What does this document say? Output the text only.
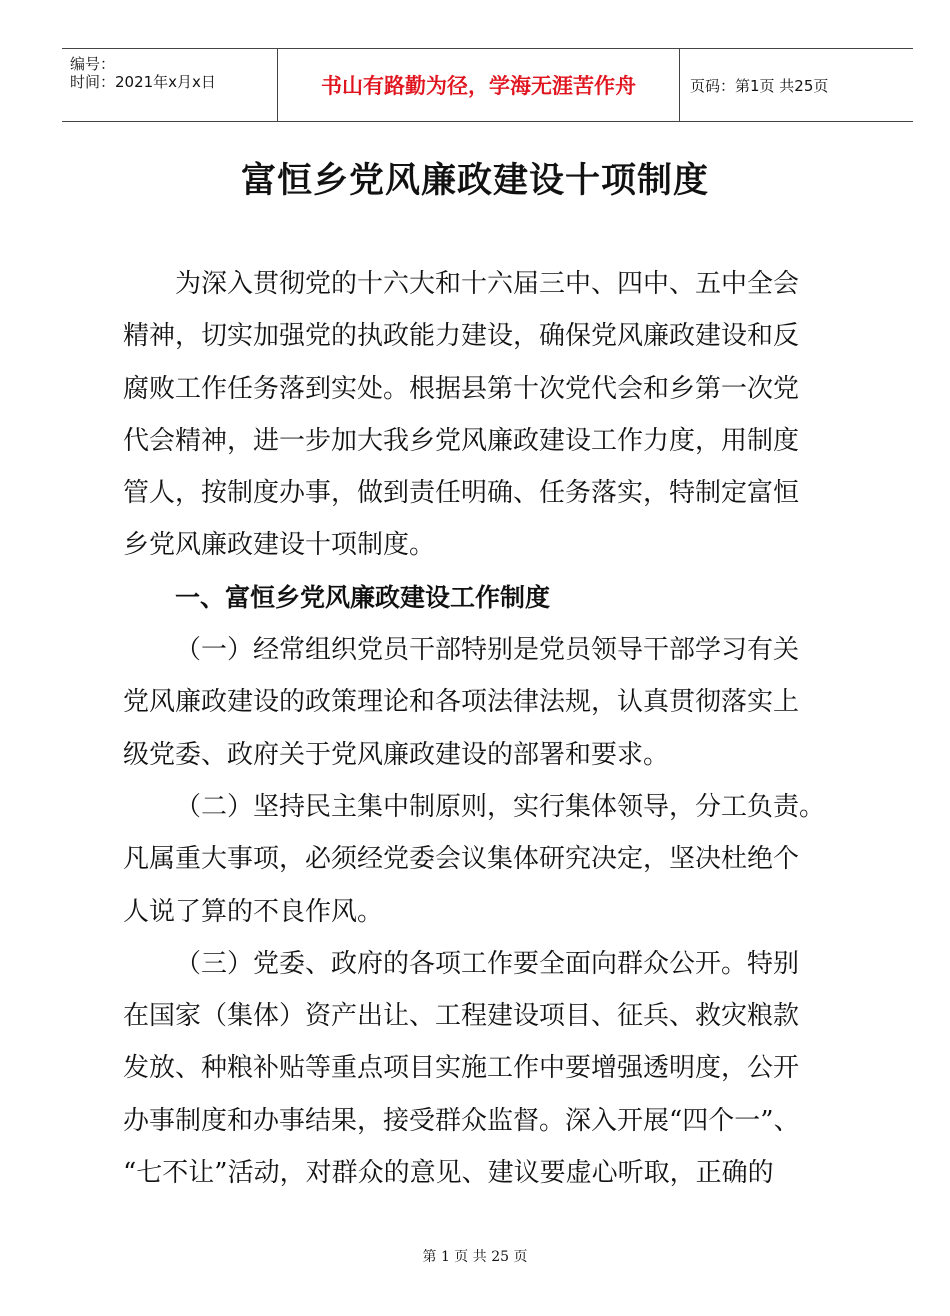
编号：
时间：2021年x月x日	书山有路勤为径，学海无涯苦作舟	页码：第1页 共25页
富恒乡党风廉政建设十项制度
为深入贯彻党的十六大和十六届三中、四中、五中全会
精神，切实加强党的执政能力建设，确保党风廉政建设和反
腐败工作任务落到实处。根据县第十次党代会和乡第一次党
代会精神，进一步加大我乡党风廉政建设工作力度，用制度
管人，按制度办事，做到责任明确、任务落实，特制定富恒
乡党风廉政建设十项制度。
一、富恒乡党风廉政建设工作制度
（一）经常组织党员干部特别是党员领导干部学习有关
党风廉政建设的政策理论和各项法律法规，认真贯彻落实上
级党委、政府关于党风廉政建设的部署和要求。
（二）坚持民主集中制原则，实行集体领导，分工负责。
凡属重大事项，必须经党委会议集体研究决定，坚决杜绝个
人说了算的不良作风。
（三）党委、政府的各项工作要全面向群众公开。特别
在国家（集体）资产出让、工程建设项目、征兵、救灾粮款
发放、种粮补贴等重点项目实施工作中要增强透明度，公开
办事制度和办事结果，接受群众监督。深入开展“四个一”、
“七不让”活动，对群众的意见、建议要虚心听取，正确的
第 1 页 共 25 页
